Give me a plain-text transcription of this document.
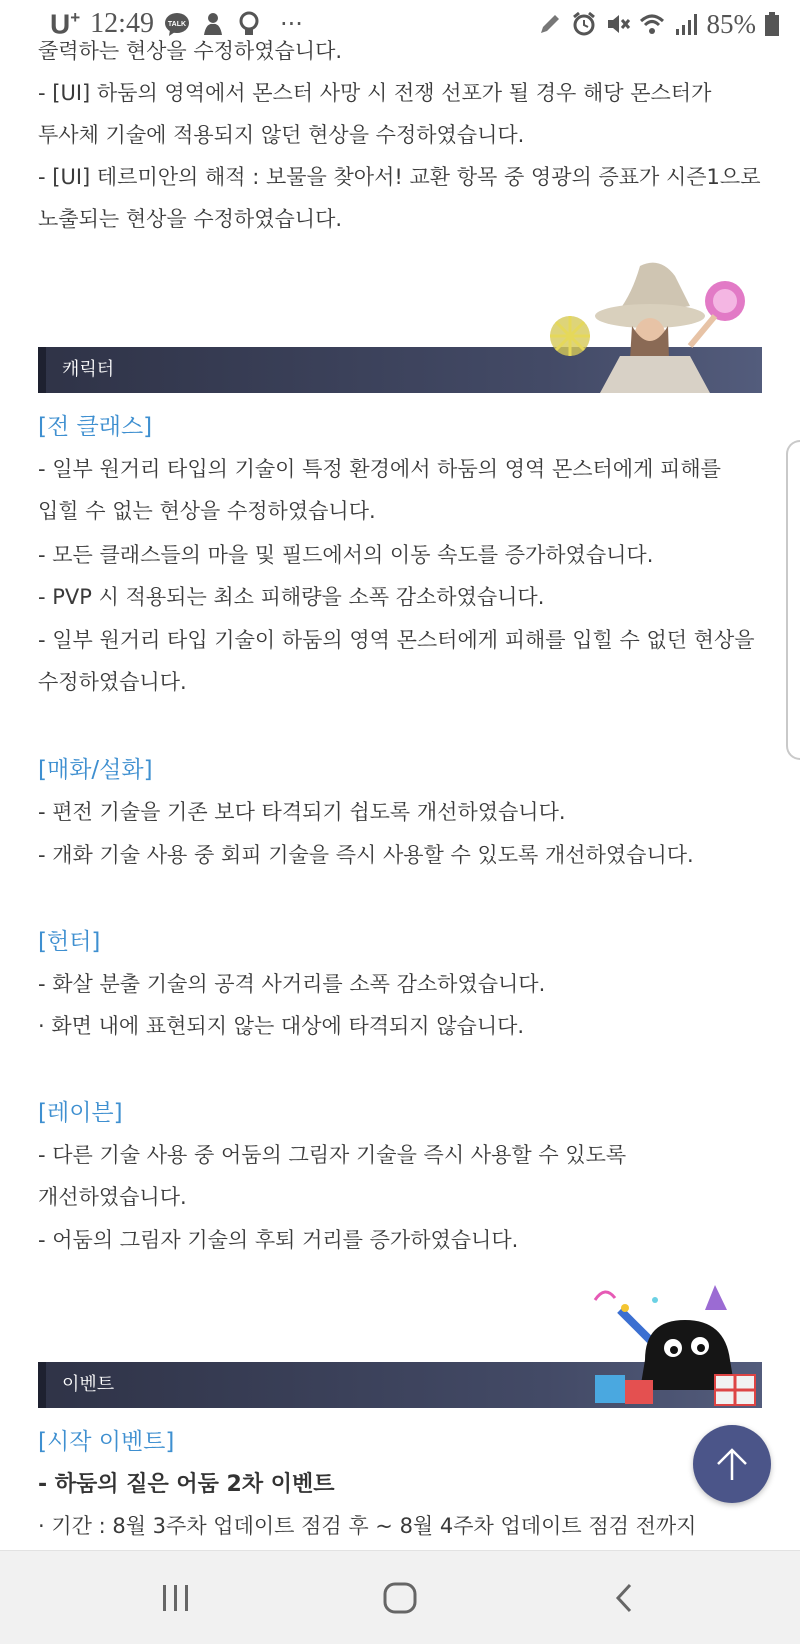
줄력하는 현상을 수정하였습니다.
- [UI] 하둠의 영역에서 몬스터 사망 시 전쟁 선포가 될 경우 해당 몬스터가
투사체 기술에 적용되지 않던 현상을 수정하였습니다.
- [UI] 테르미안의 해적 : 보물을 찾아서! 교환 항목 중 영광의 증표가 시즌1으로
노출되는 현상을 수정하였습니다.
캐릭터
[전 클래스]
- 일부 원거리 타입의 기술이 특정 환경에서 하둠의 영역 몬스터에게 피해를
입힐 수 없는 현상을 수정하였습니다.
- 모든 클래스들의 마을 및 필드에서의 이동 속도를 증가하였습니다.
- PVP 시 적용되는 최소 피해량을 소폭 감소하였습니다.
- 일부 원거리 타입 기술이 하둠의 영역 몬스터에게 피해를 입힐 수 없던 현상을
수정하였습니다.
[매화/설화]
- 편전 기술을 기존 보다 타격되기 쉽도록 개선하였습니다.
- 개화 기술 사용 중 회피 기술을 즉시 사용할 수 있도록 개선하였습니다.
[헌터]
- 화살 분출 기술의 공격 사거리를 소폭 감소하였습니다.
· 화면 내에 표현되지 않는 대상에 타격되지 않습니다.
[레이븐]
- 다른 기술 사용 중 어둠의 그림자 기술을 즉시 사용할 수 있도록
개선하였습니다.
- 어둠의 그림자 기술의 후퇴 거리를 증가하였습니다.
이벤트
[시작 이벤트]
- 하둠의 짙은 어둠 2차 이벤트
· 기간 : 8월 3주차 업데이트 점검 후 ~ 8월 4주차 업데이트 점검 전까지
U+ 12:49 TALK	···	85%
